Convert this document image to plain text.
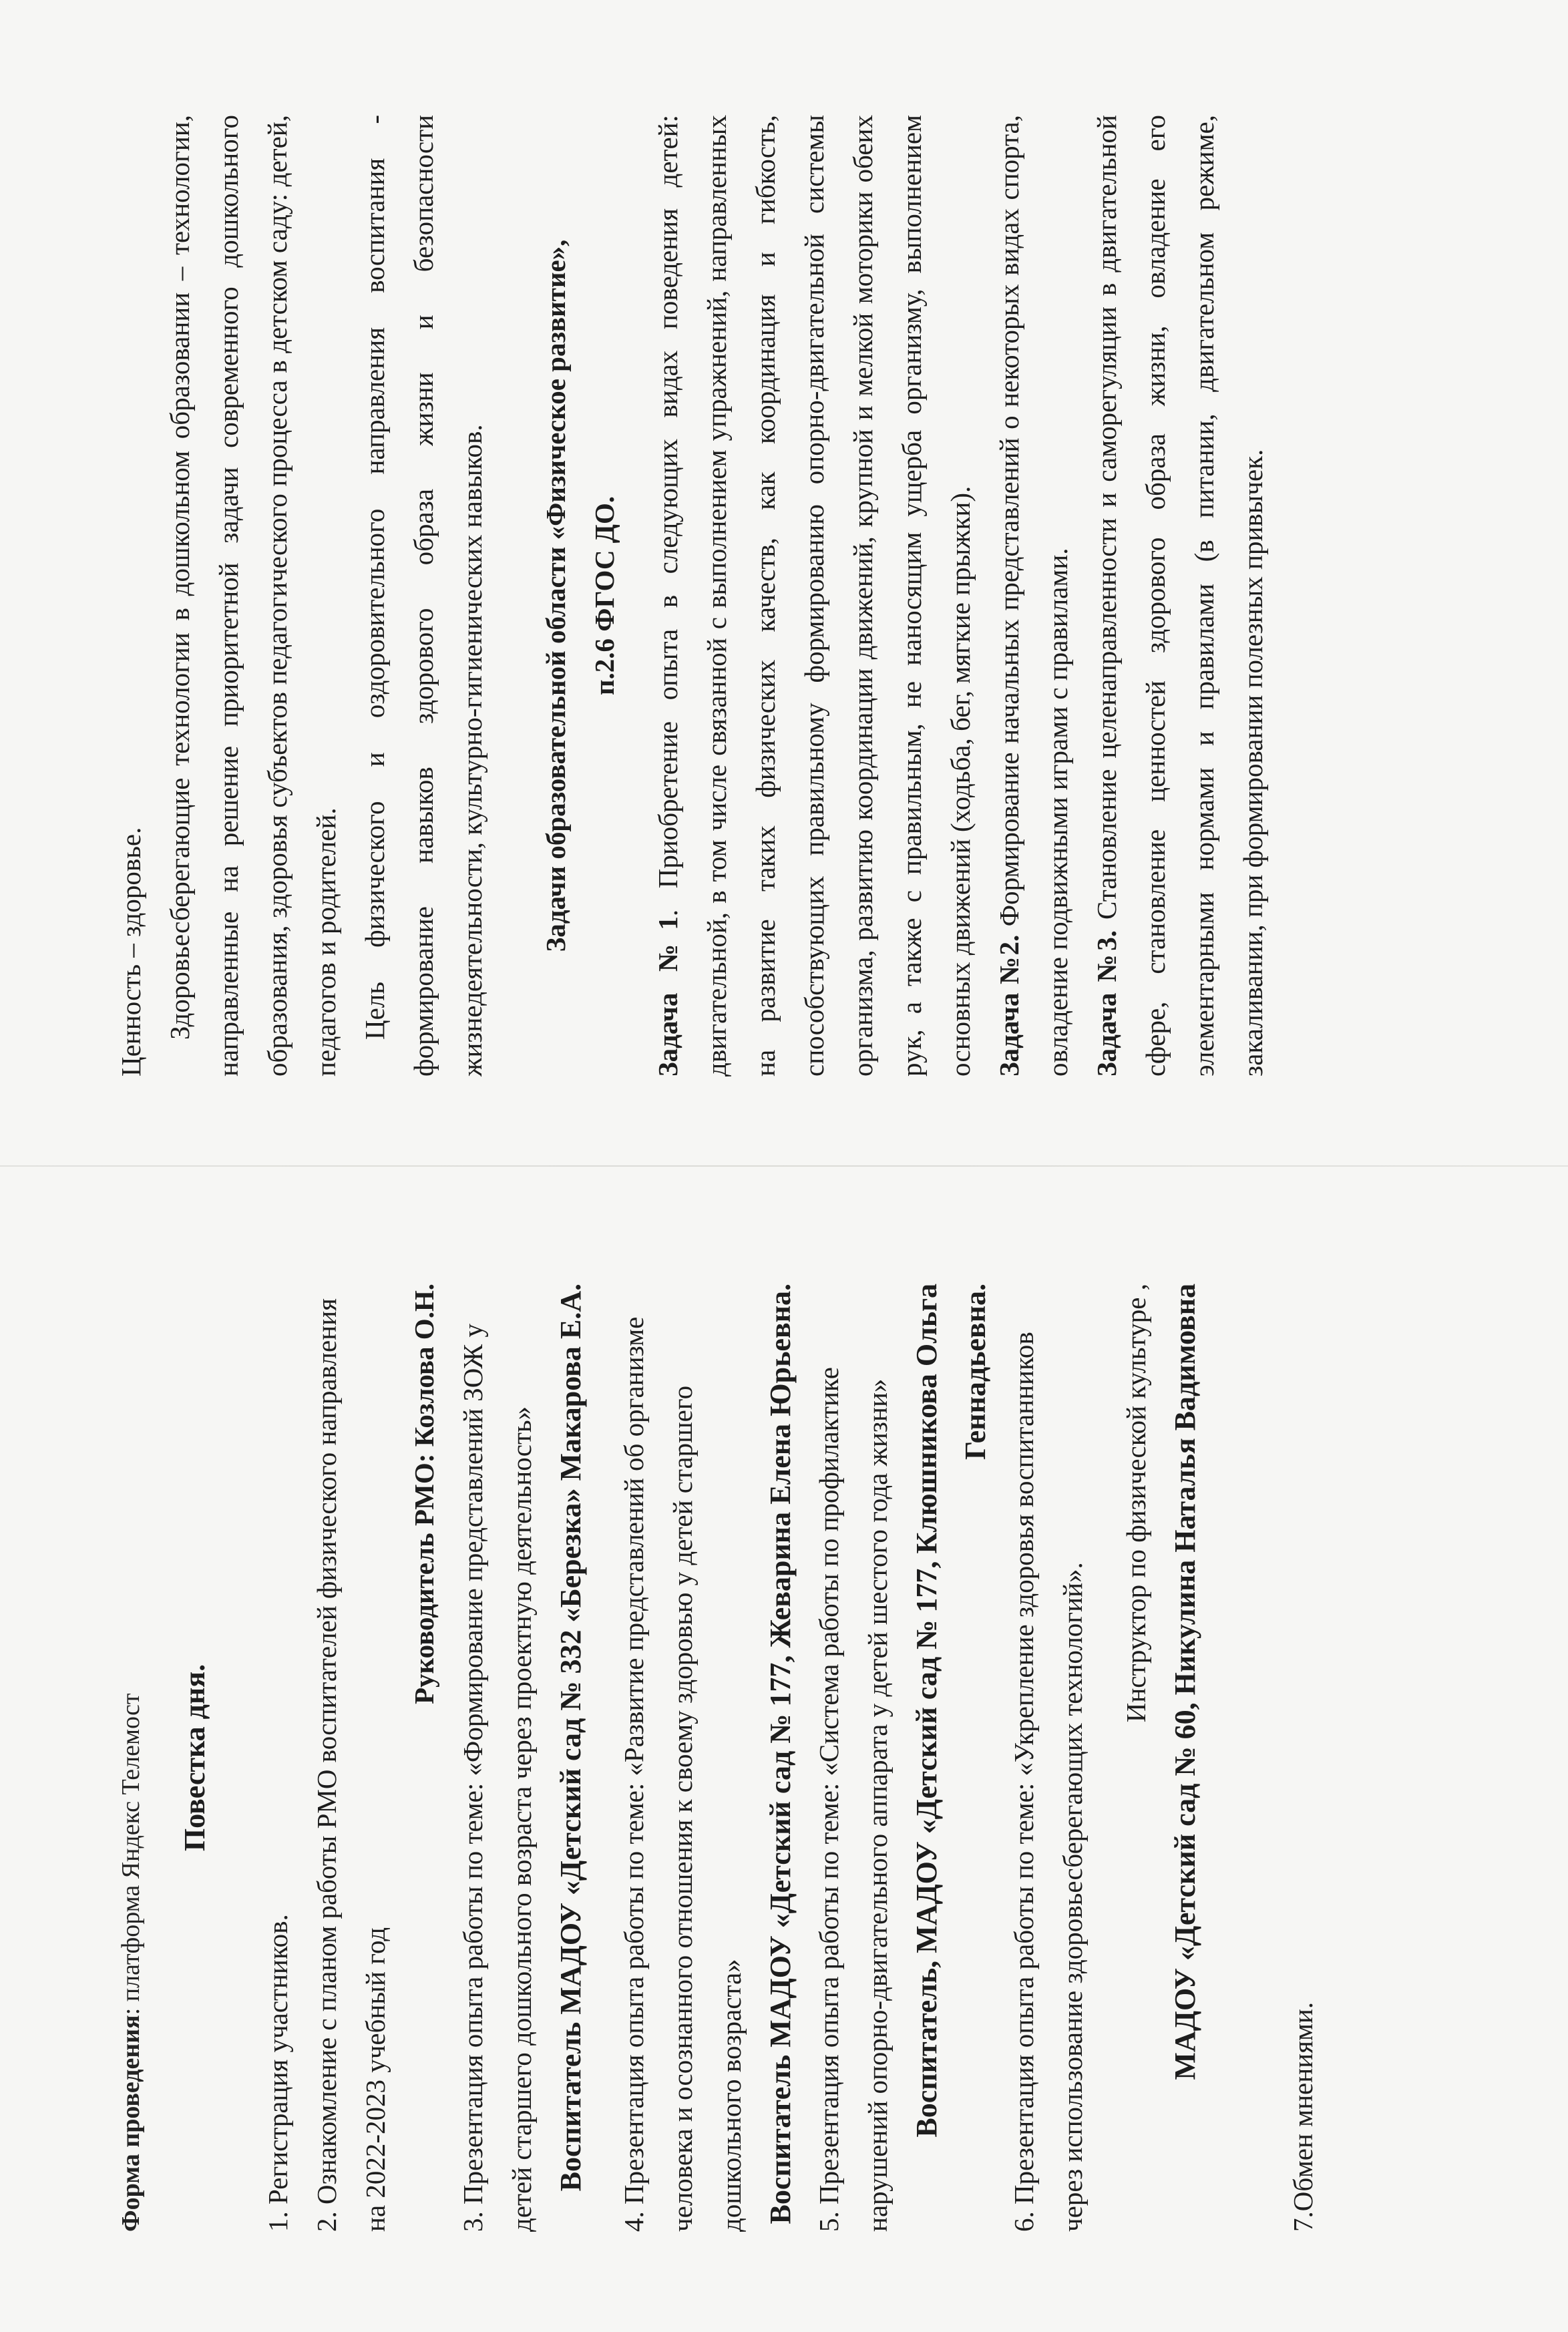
Форма проведения: платформа Яндекс Телемост	Повестка дня.

1. Регистрация участников. 2. Ознакомление с планом работы РМО воспитателей физического направления на 2022-2023 учебный год

Руководитель РМО: Козлова О.Н. 3. Презентация опыта работы по теме: «Формирование представлений ЗОЖ у детей старшего дошкольного возраста через проектную деятельность» Воспитатель МАДОУ «Детский сад № 332 «Березка» Макарова Е.А.	4. Презентация опыта работы по теме: «Развитие представлений об организме человека и осознанного отношения к своему здоровью у детей старшего дошкольного возраста» Воспитатель МАДОУ «Детский сад № 177, Жеварина Елена Юрьевна. 5. Презентация опыта работы по теме: «Система работы по профилактике нарушений опорно-двигательного аппарата у детей шестого года жизни» Воспитатель, МАДОУ «Детский сад № 177, Клюшникова Ольга Геннадьевна. 6. Презентация опыта работы по теме: «Укрепление здоровья воспитанников через использование здоровьесберегающих технологий».

Инструктор по физической культуре , МАДОУ «Детский сад № 60, Никулина Наталья Вадимовна

7.Обмен мнениями.

Ценность – здоровье. Здоровьесберегающие технологии в дошкольном образовании – технологии, направленные на решение приоритетной задачи современного дошкольного образования, здоровья субъектов педагогического процесса в детском саду: детей, педагогов и родителей. Цель физического и оздоровительного направления воспитания - формирование навыков здорового образа жизни и безопасности жизнедеятельности, культурно-гигиенических навыков.	Задачи образовательной области «Физическое развитие», п.2.6 ФГОС ДО.

Задача №1. Приобретение опыта в следующих видах поведения детей: двигательной, в том числе связанной с выполнением упражнений, направленных на развитие таких физических качеств, как координация и гибкость, способствующих правильному формированию опорно-двигательной системы организма, развитию координации движений, крупной и мелкой моторики обеих рук, а также с правильным, не наносящим ущерба организму, выполнением основных движений (ходьба, бег, мягкие прыжки). Задача №2. Формирование начальных представлений о некоторых видах спорта, овладение подвижными играми с правилами. Задача №3. Становление целенаправленности и саморегуляции в двигательной сфере, становление ценностей здорового образа жизни, овладение его элементарными нормами и правилами (в питании, двигательном режиме, закаливании, при формировании полезных привычек.
